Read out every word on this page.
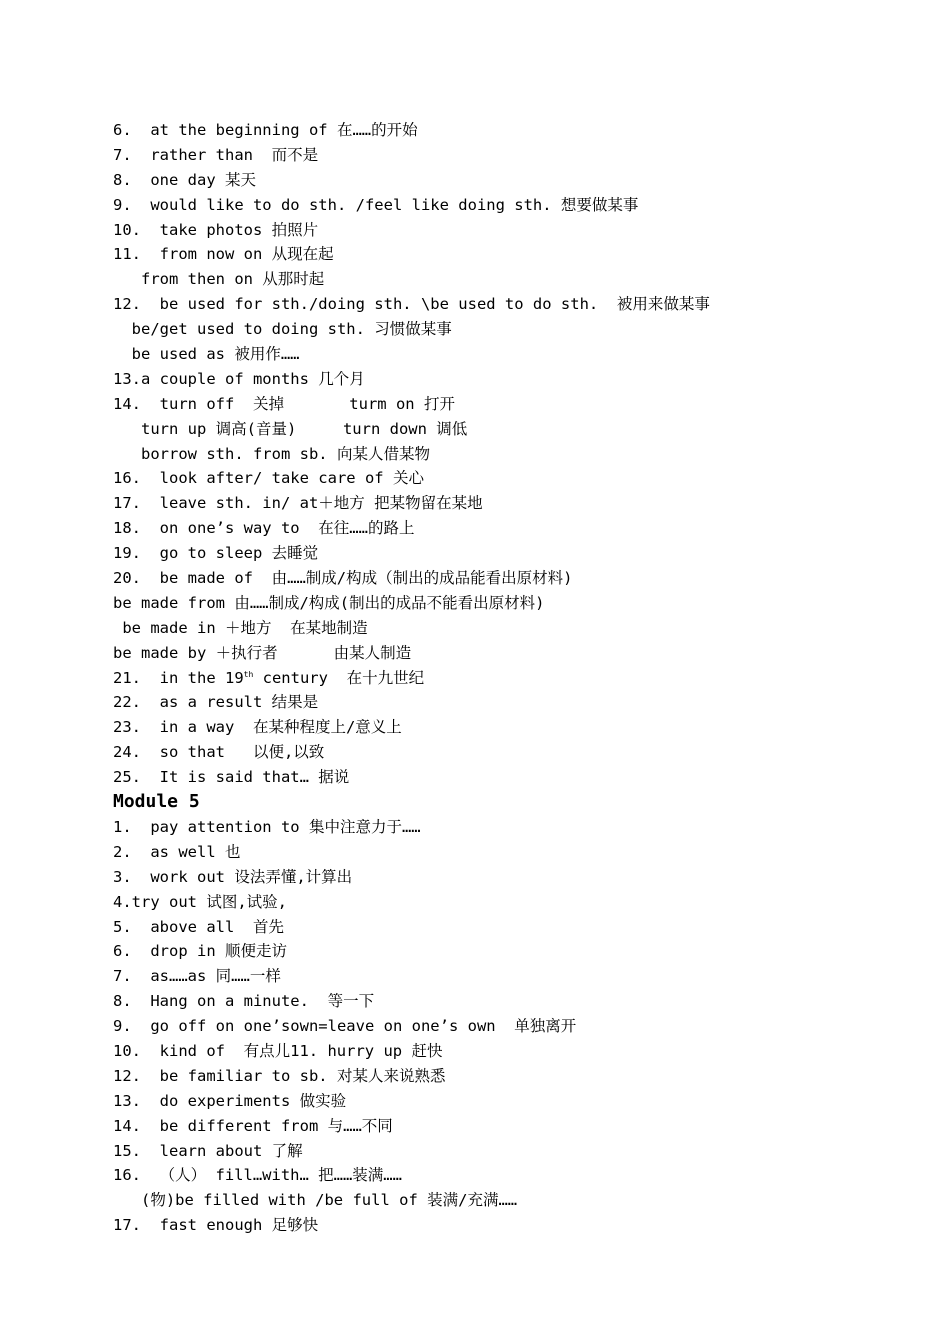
6.  at the beginning of 在……的开始
7.  rather than  而不是
8.  one day 某天
9.  would like to do sth. /feel like doing sth. 想要做某事
10.  take photos 拍照片
11.  from now on 从现在起
from then on 从那时起
12.  be used for sth./doing sth. \be used to do sth.  被用来做某事
be/get used to doing sth. 习惯做某事
be used as 被用作……
13.a couple of months 几个月
14.  turn off  关掉       turm on 打开
turn up 调高(音量)     turn down 调低
borrow sth. from sb. 向某人借某物
16.  look after/ take care of 关心
17.  leave sth. in/ at＋地方 把某物留在某地
18.  on one’s way to  在往……的路上
19.  go to sleep 去睡觉
20.  be made of  由……制成/构成（制出的成品能看出原材料)
be made from 由……制成/构成(制出的成品不能看出原材料)
be made in ＋地方  在某地制造
be made by ＋执行者      由某人制造
21.  in the 19th century  在十九世纪
22.  as a result 结果是
23.  in a way  在某种程度上/意义上
24.  so that   以便,以致
25.  It is said that… 据说
Module 5
1.  pay attention to 集中注意力于……
2.  as well 也
3.  work out 设法弄懂,计算出
4.try out 试图,试验,
5.  above all  首先
6.  drop in 顺便走访
7.  as……as 同……一样
8.  Hang on a minute.  等一下
9.  go off on one’sown=leave on one’s own  单独离开
10.  kind of  有点儿11. hurry up 赶快
12.  be familiar to sb. 对某人来说熟悉
13.  do experiments 做实验
14.  be different from 与……不同
15.  learn about 了解
16.  （人） fill…with… 把……装满……
(物)be filled with /be full of 装满/充满……
17.  fast enough 足够快
